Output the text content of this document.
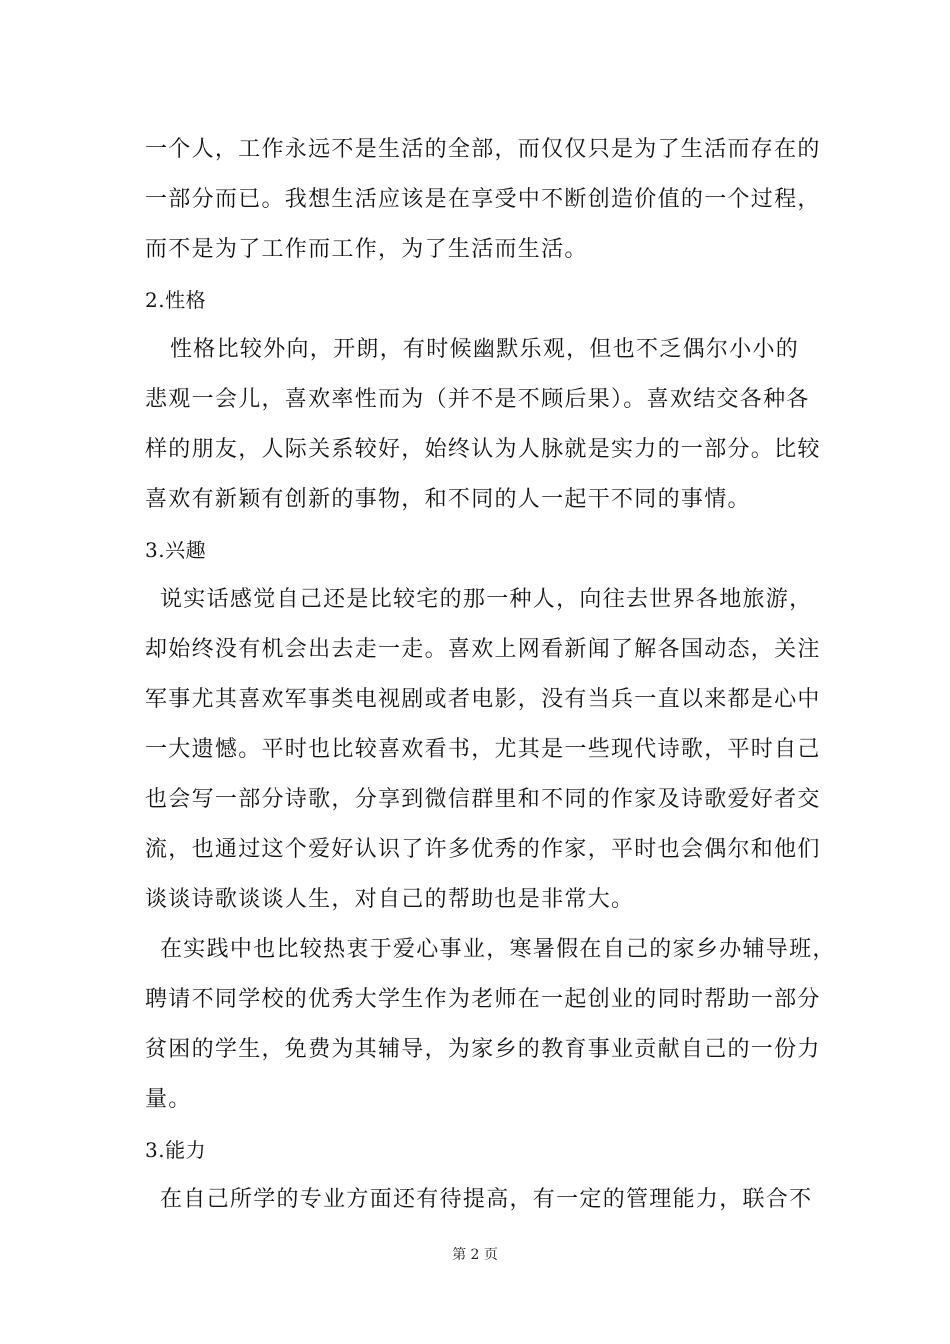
一个人，工作永远不是生活的全部，而仅仅只是为了生活而存在的
一部分而已。我想生活应该是在享受中不断创造价值的一个过程，
而不是为了工作而工作，为了生活而生活。
2.性格
性格比较外向，开朗，有时候幽默乐观，但也不乏偶尔小小的
悲观一会儿，喜欢率性而为（并不是不顾后果）。喜欢结交各种各
样的朋友，人际关系较好，始终认为人脉就是实力的一部分。比较
喜欢有新颖有创新的事物，和不同的人一起干不同的事情。
3.兴趣
说实话感觉自己还是比较宅的那一种人，向往去世界各地旅游，
却始终没有机会出去走一走。喜欢上网看新闻了解各国动态，关注
军事尤其喜欢军事类电视剧或者电影，没有当兵一直以来都是心中
一大遗憾。平时也比较喜欢看书，尤其是一些现代诗歌，平时自己
也会写一部分诗歌，分享到微信群里和不同的作家及诗歌爱好者交
流，也通过这个爱好认识了许多优秀的作家，平时也会偶尔和他们
谈谈诗歌谈谈人生，对自己的帮助也是非常大。
在实践中也比较热衷于爱心事业，寒暑假在自己的家乡办辅导班，
聘请不同学校的优秀大学生作为老师在一起创业的同时帮助一部分
贫困的学生，免费为其辅导，为家乡的教育事业贡献自己的一份力
量。
3.能力
在自己所学的专业方面还有待提高，有一定的管理能力，联合不
第 2 页
